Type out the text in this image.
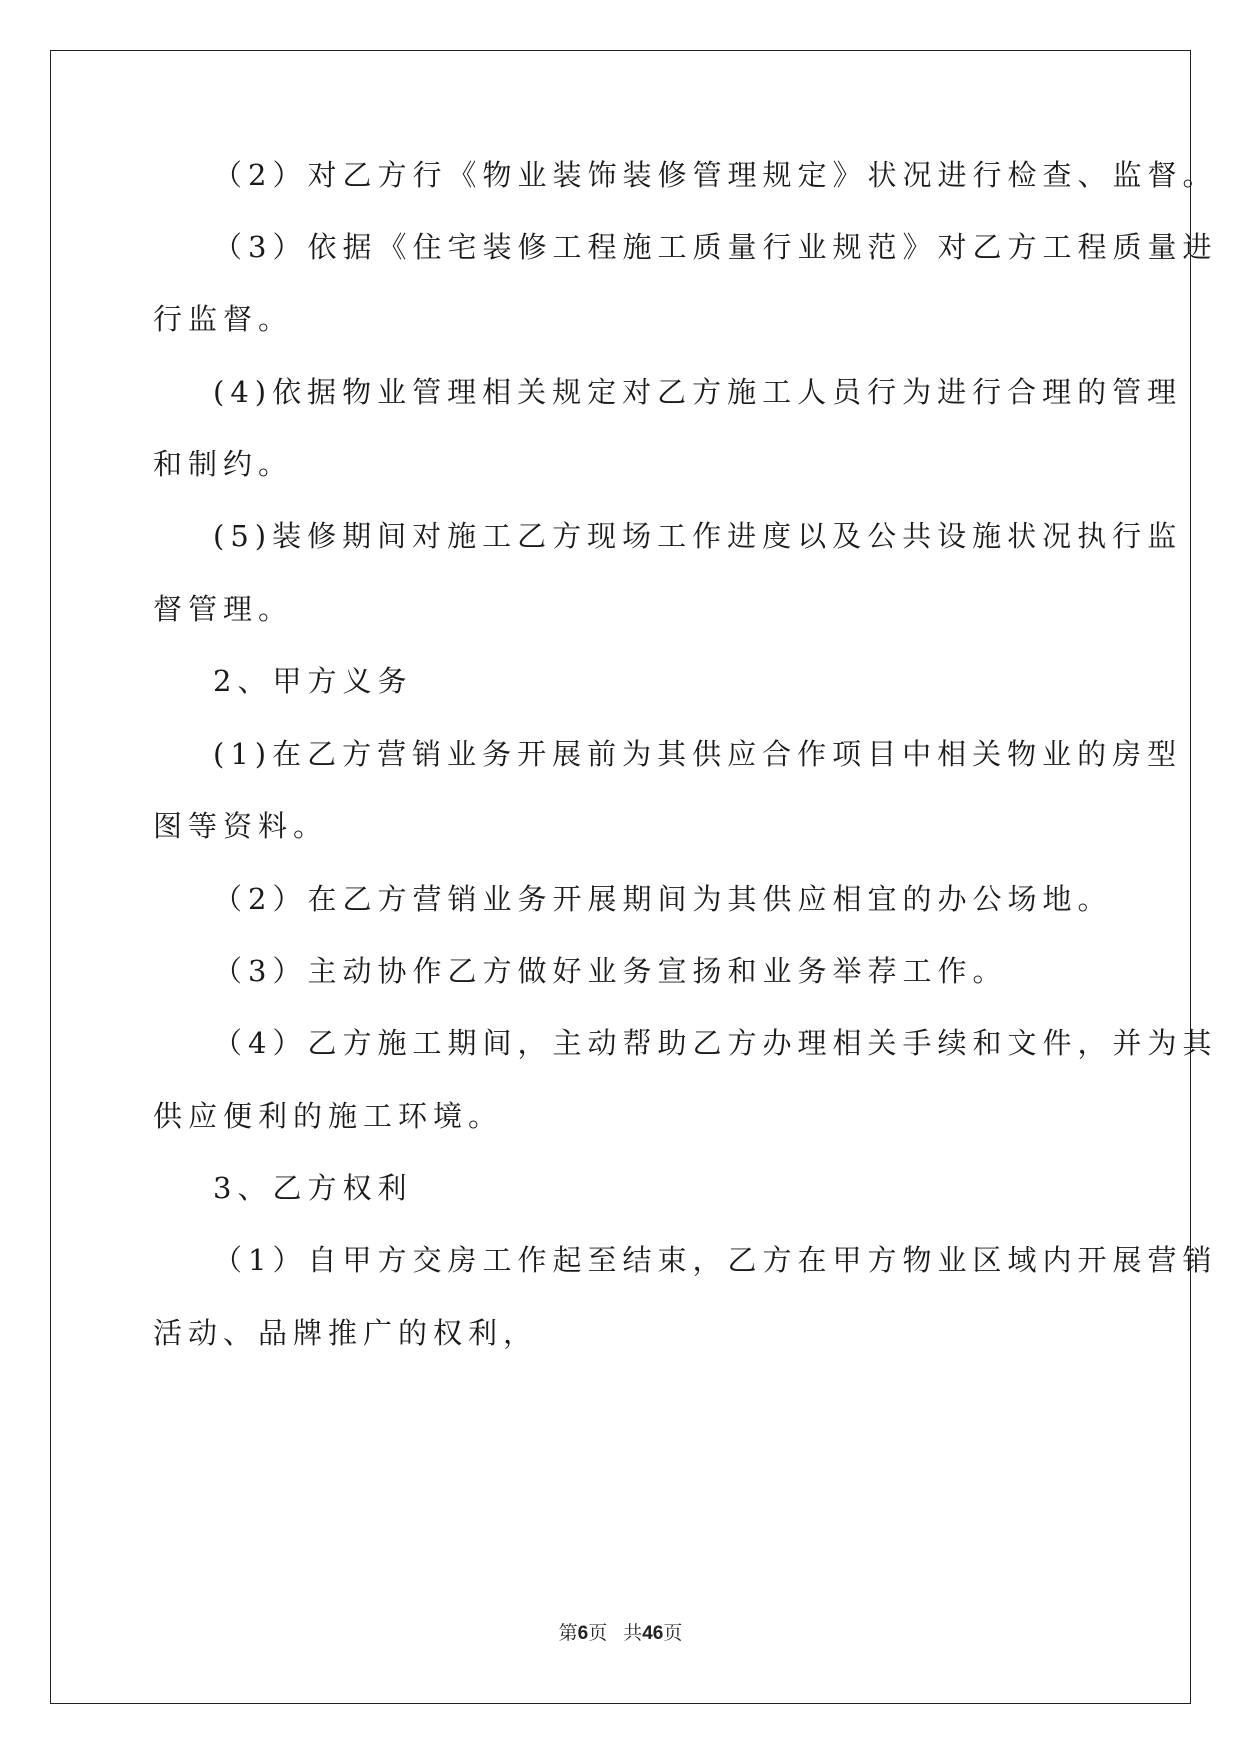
（2）对乙方行《物业装饰装修管理规定》状况进行检查、监督。
（3）依据《住宅装修工程施工质量行业规范》对乙方工程质量进
行监督。
(4)依据物业管理相关规定对乙方施工人员行为进行合理的管理
和制约。
(5)装修期间对施工乙方现场工作进度以及公共设施状况执行监
督管理。
2、甲方义务
(1)在乙方营销业务开展前为其供应合作项目中相关物业的房型
图等资料。
（2）在乙方营销业务开展期间为其供应相宜的办公场地。
（3）主动协作乙方做好业务宣扬和业务举荐工作。
（4）乙方施工期间，主动帮助乙方办理相关手续和文件，并为其
供应便利的施工环境。
3、乙方权利
（1）自甲方交房工作起至结束，乙方在甲方物业区域内开展营销
活动、品牌推广的权利，
第6页 共46页
